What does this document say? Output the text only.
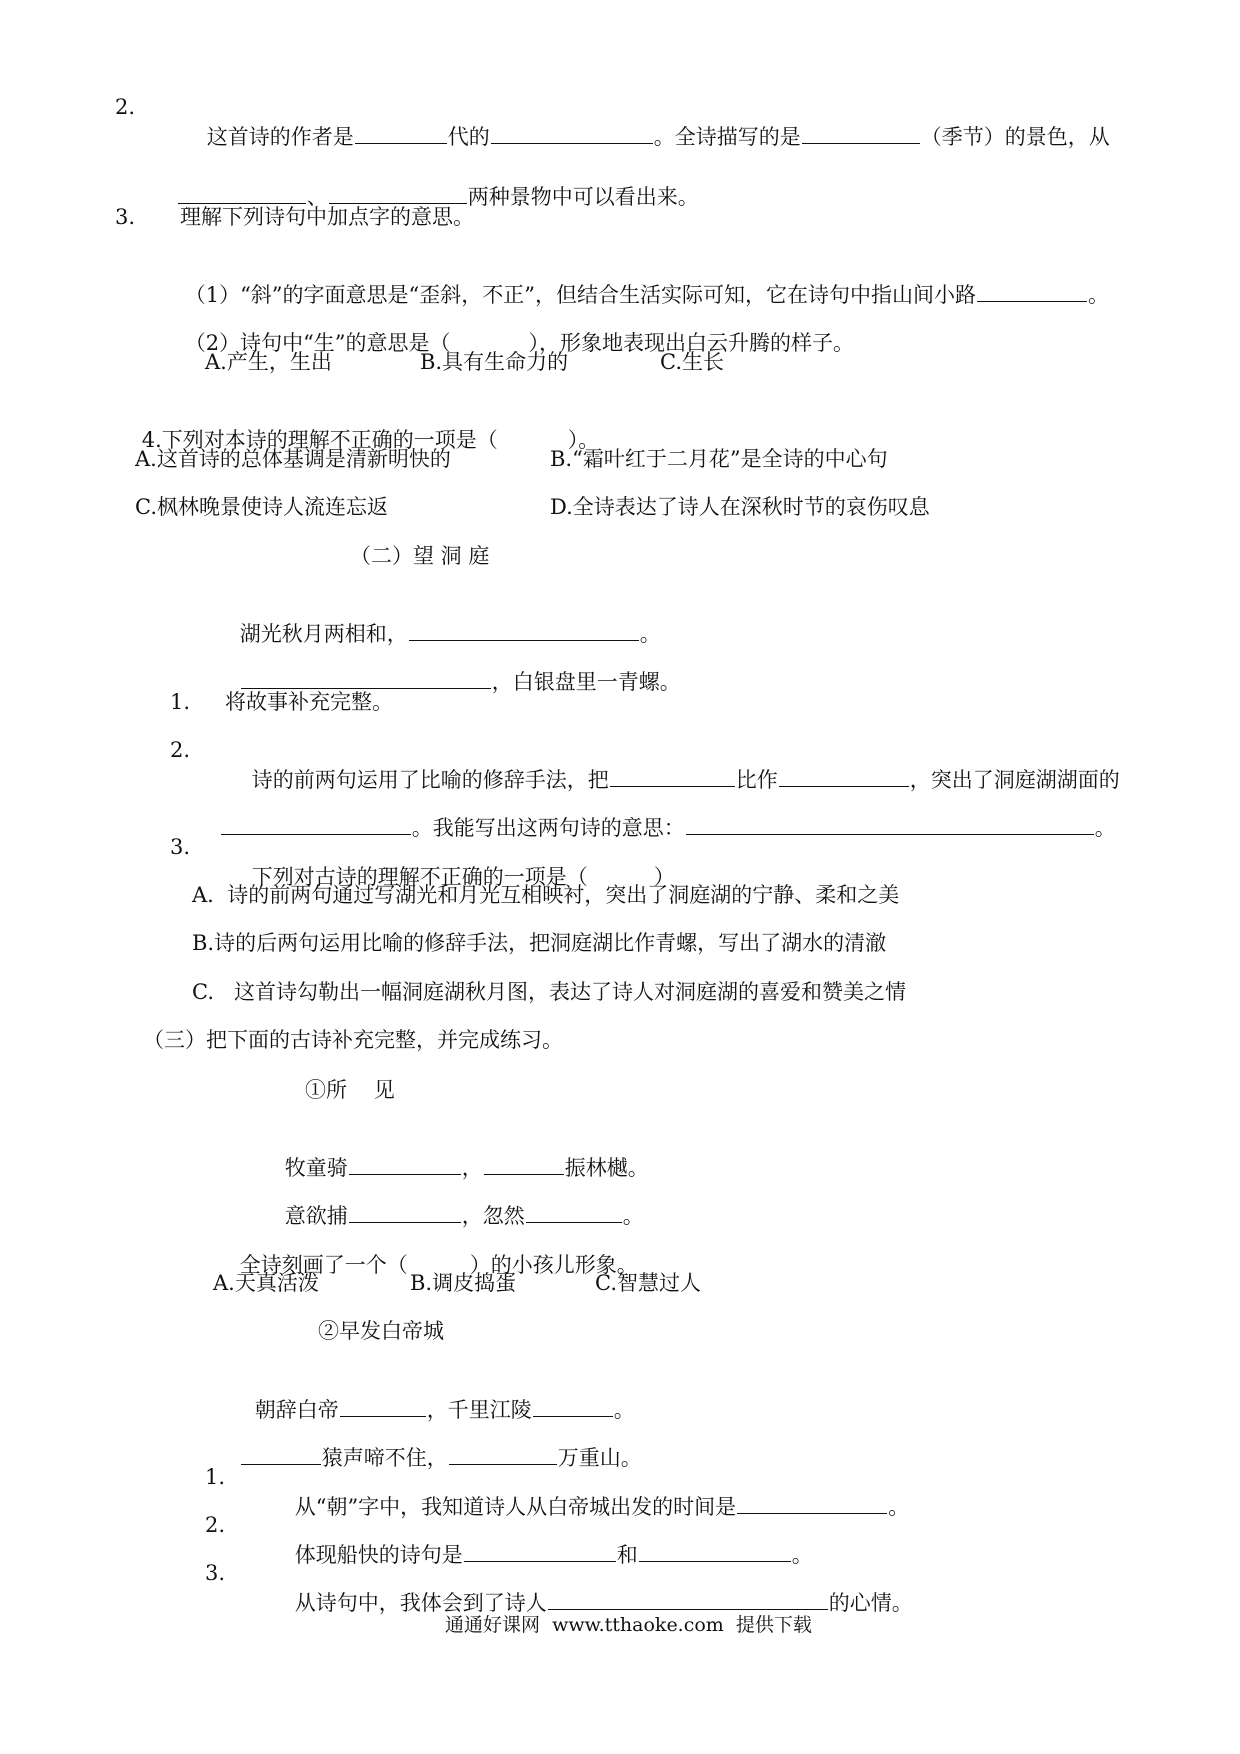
2.

这首诗的作者是	代的	。全诗描写的是	（季节）的景色，从

、	两种景物中可以看出来。

3. 理解下列诗句中加点字的意思。

（1）“斜”的字面意思是“歪斜，不正”，但结合生活实际可知，它在诗句中指山间小路	。

（2）诗句中“生”的意思是（	），形象地表现出白云升腾的样子。

A.产生，生出	B.具有生命力的	C.生长

4.下列对本诗的理解不正确的一项是（	）。

A.这首诗的总体基调是清新明快的	B.“霜叶红于二月花”是全诗的中心句
C.枫林晚景使诗人流连忘返	D.全诗表达了诗人在深秋时节的哀伤叹息
（二）望 洞 庭

湖光秋月两相和，	。

，白银盘里一青螺。

1. 将故事补充完整。
2.

诗的前两句运用了比喻的修辞手法，把	比作	，突出了洞庭湖湖面的

。我能写出这两句诗的意思：	。

3.

下列对古诗的理解不正确的一项是（	）

A.  诗的前两句通过写湖光和月光互相映衬，突出了洞庭湖的宁静、柔和之美
B.诗的后两句运用比喻的修辞手法，把洞庭湖比作青螺，写出了湖水的清澈
C.   这首诗勾勒出一幅洞庭湖秋月图，表达了诗人对洞庭湖的喜爱和赞美之情
（三）把下面的古诗补充完整，并完成练习。
①所    见

牧童骑	，	振林樾。

意欲捕	，忽然	。

全诗刻画了一个（	）的小孩儿形象。

A.天真活泼	B.调皮捣蛋	C.智慧过人
②早发白帝城

朝辞白帝	，千里江陵	。

猿声啼不住，	万重山。

1.

从“朝”字中，我知道诗人从白帝城出发的时间是	。

2.

体现船快的诗句是	和	。

3.

从诗句中，我体会到了诗人	的心情。

通通好课网  www.tthaoke.com  提供下载
